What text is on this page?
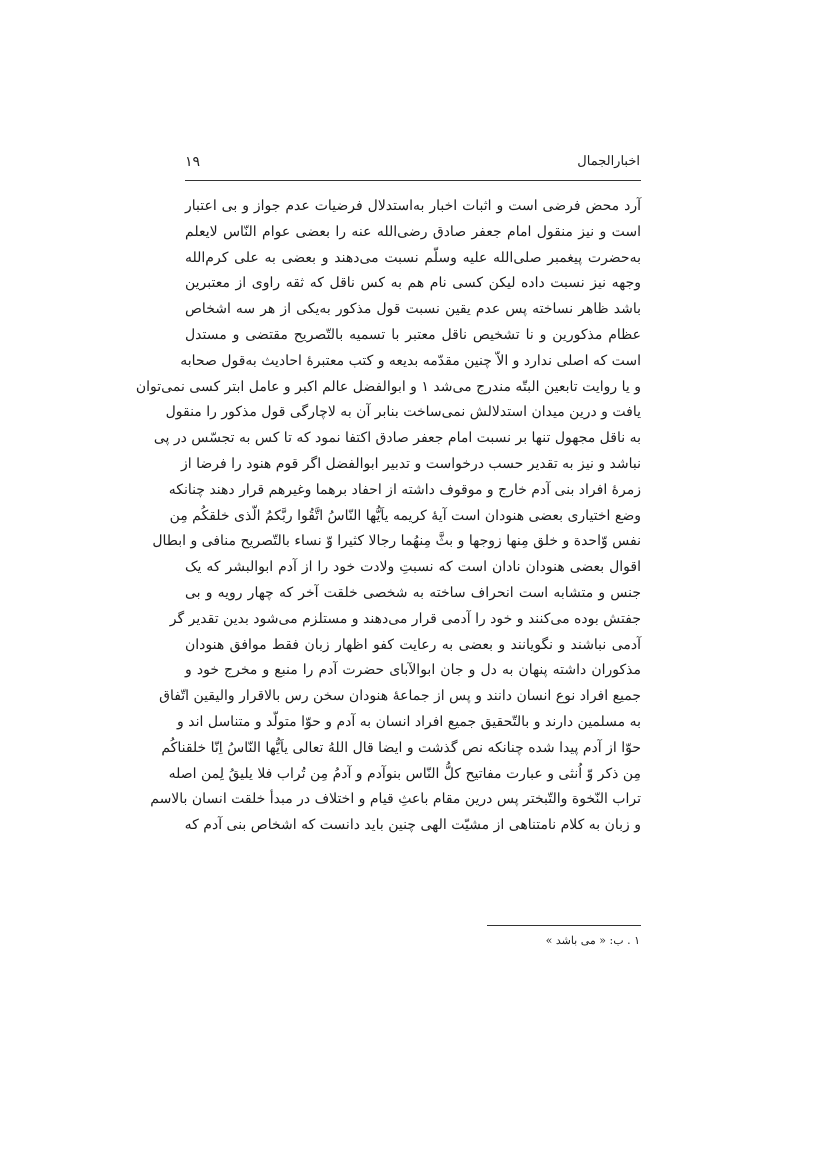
اخبارالجمال
۱۹
آرد محض فرضی است و اثبات اخبار به‌استدلال فرضیات عدم جواز و بی اعتبار
است و نیز منقول امام جعفر صادق رضی‌الله عنه را بعضی عوام النّاس لایعلم
به‌حضرت پیغمبر صلی‌الله علیه وسلّم نسبت می‌دهند و بعضی به علی کرم‌الله
وجهه نیز نسبت داده لیکن کسی نام هم به کس ناقل که ثقه راوی از معتبرین
باشد ظاهر نساخته پس عدم یقین نسبت قول مذکور به‌یکی از هر سه اشخاص
عظام مذکورین و نا تشخیص ناقل معتبر با تسمیه بالتّصریح مقتضی و مستدل
است که اصلی ندارد و الاّ چنین مقدّمه بدیعه و کتب معتبرهٔ احادیث به‌قول صحابه
و یا روایت تابعین البتّه مندرج می‌شد ۱ و ابوالفضل عالم اکبر و عامل ابتر کسی نمی‌توان
یافت و درین میدان استدلالش نمی‌ساخت بنابر آن به لاچارگی قول مذکور را منقول
به ناقل مجهول تنها بر نسبت امام جعفر صادق اکتفا نمود که تا کس به تجسّس در پی
نباشد و نیز به تقدیر حسب درخواست و تدبیر ابوالفضل اگر قوم هنود را فرضا از
زمرهٔ افراد بنی آدم خارج و موقوف داشته از احفاد برهما وغیرهم قرار دهند چنانکه
وضع اختیاری بعضی هنودان است آیهٔ کریمه یاَیُّها النّاسُ اتَّقُوا ربَّکمُ الّذی خلقکُم مِن
نفس وّاحدة و خلق مِنها زوجها و بثَّ مِنهُما رجالا کثیرا وّ نساء بالتّصریح منافی و ابطال
اقوال بعضی هنودان نادان است که نسبتِ ولادت خود را از آدم ابوالبشر که یک
جنس و متشابه است انحراف ساخته به شخصی خلقت آخر که چهار رویه و بی
جفتش بوده می‌کنند و خود را آدمی قرار می‌دهند و مستلزم می‌شود بدین تقدیر گر
آدمی نباشند و نگویانند و بعضی به رعایت کفو اظهار زبان فقط موافق هنودان
مذکوران داشته پنهان به دل و جان ابوالآبای حضرت آدم را منبع و مخرج خود و
جمیع افراد نوع انسان دانند و پس از جماعهٔ هنودان سخن رس بالاقرار والیقین اتّفاق
به مسلمین دارند و بالتّحقیق جمیع افراد انسان به آدم و حوّا متولّد و متناسل اند و
حوّا از آدم پیدا شده چنانکه نص گذشت و ایضا قال اللهُ تعالی یاَیُّها النّاسُ اِنّا خلقناکُم
مِن ذکر وّ اُنثی و عبارت مفاتیح کلُّ النّاس بنوآدم و آدمُ مِن تُراب فلا یلیقُ لِمن اصله
تراب النّخوة والتّبختر پس درین مقام باعثِ قیام و اختلاف در مبدأ خلقت انسان بالاسم
و زبان به کلام نامتناهی از مشیّت الهی چنین باید دانست که اشخاص بنی آدم که
۱ . ب: « می باشد »
